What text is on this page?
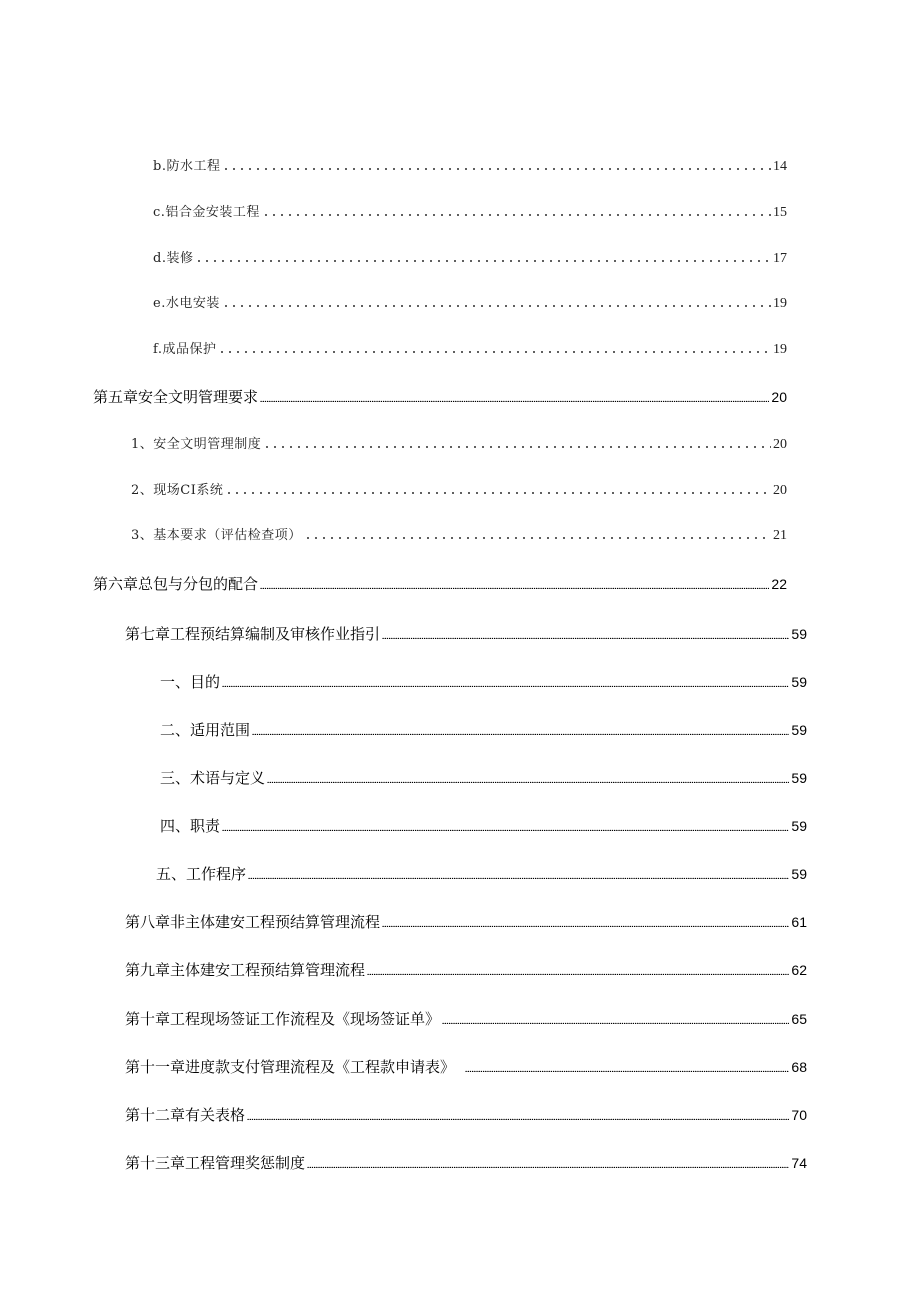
b.防水工程	14
c.铝合金安装工程	15
d.装修	17
e.水电安装	19
f.成品保护	19
第五章安全文明管理要求	20
1、安全文明管理制度	20
2、现场CI系统	20
3、基本要求（评估检查项）	21
第六章总包与分包的配合	22
第七章工程预结算编制及审核作业指引	59
一、目的	59
二、适用范围	59
三、术语与定义	59
四、职责	59
五、工作程序	59
第八章非主体建安工程预结算管理流程	61
第九章主体建安工程预结算管理流程	62
第十章工程现场签证工作流程及《现场签证单》	65
第十一章进度款支付管理流程及《工程款申请表》	68
第十二章有关表格	70
第十三章工程管理奖惩制度	74
